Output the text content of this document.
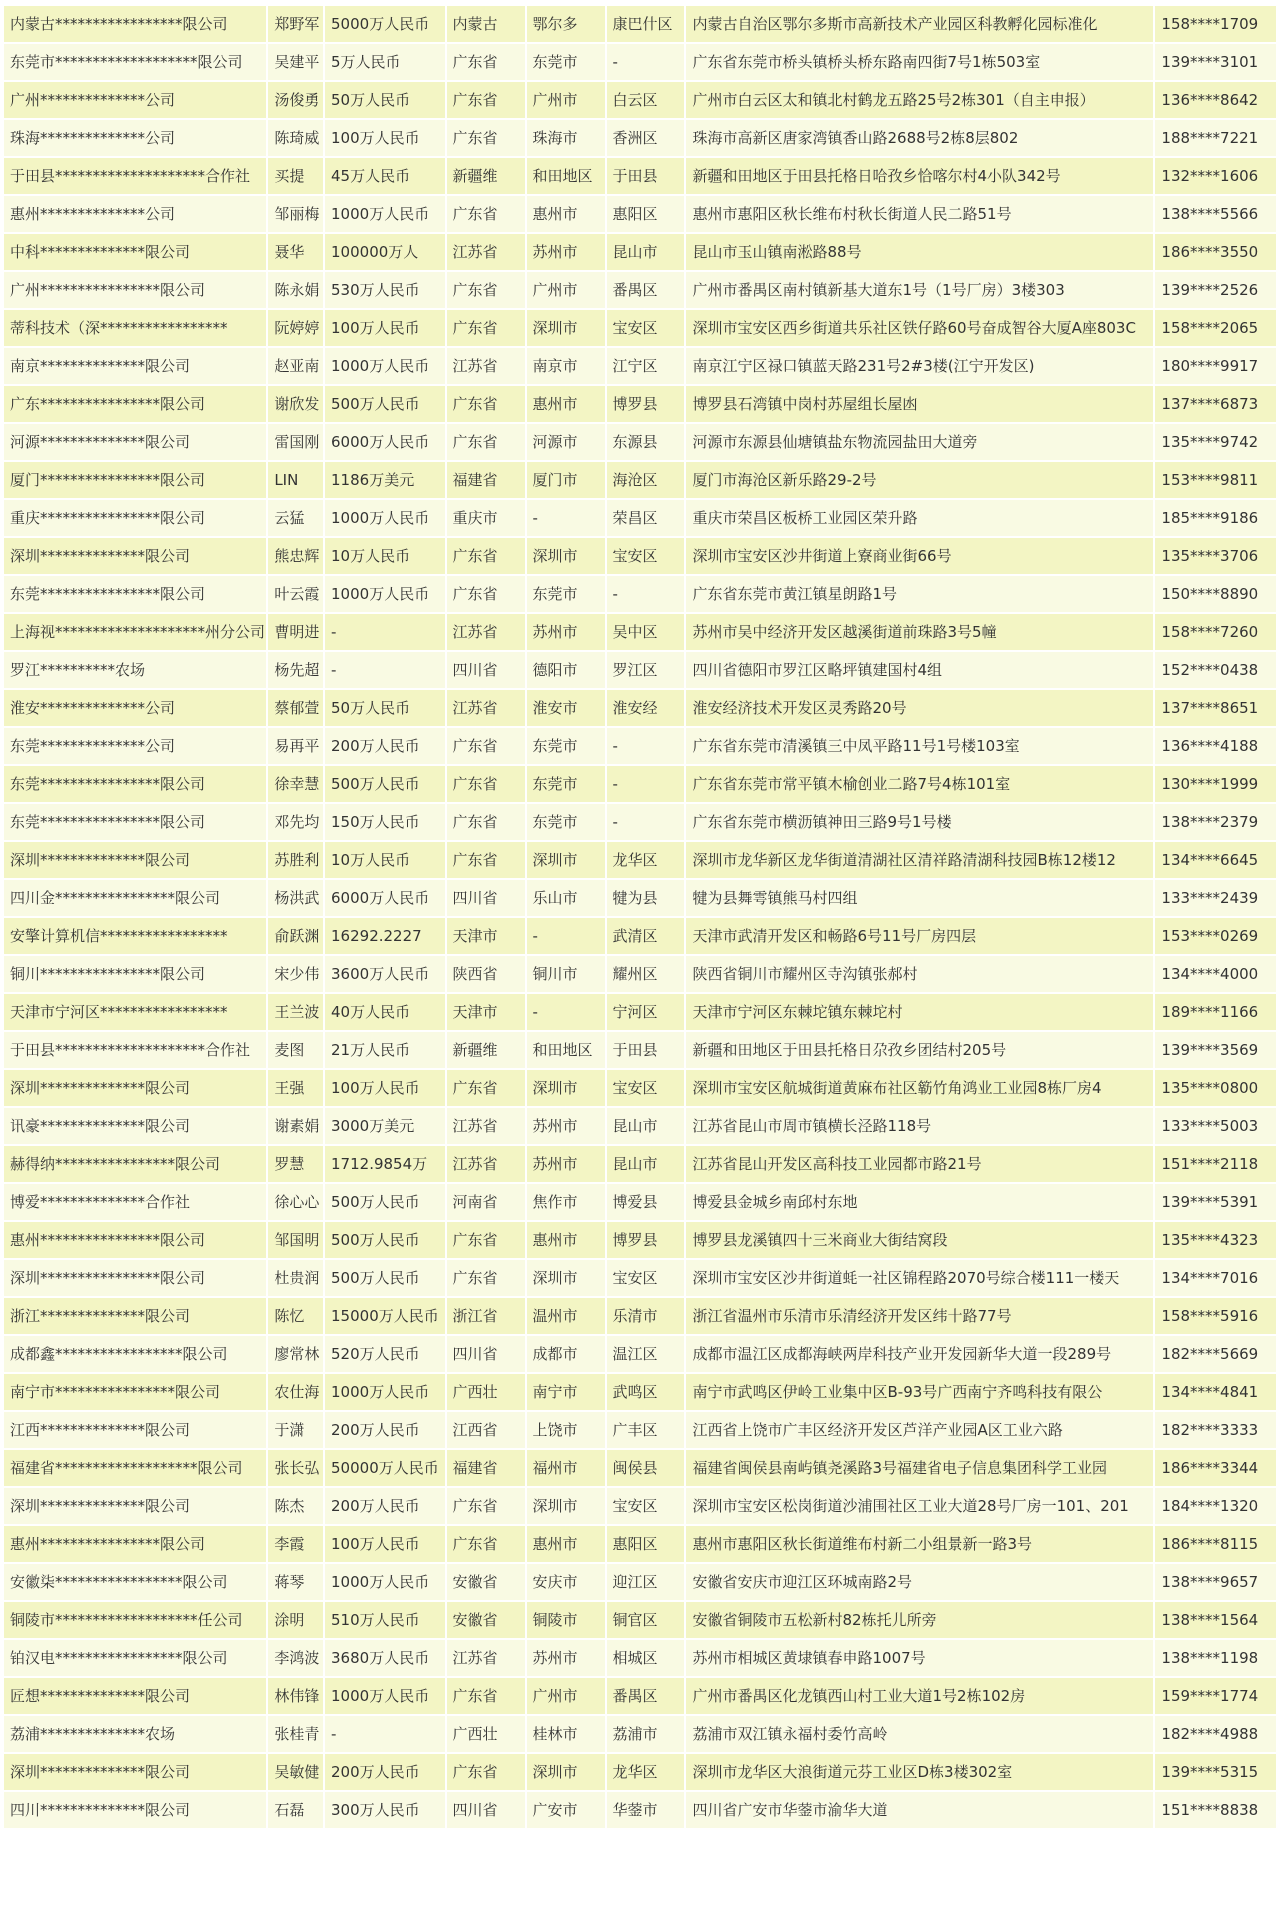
内蒙古*****************限公司	郑野军	5000万人民币	内蒙古	鄂尔多	康巴什区	内蒙古自治区鄂尔多斯市高新技术产业园区科教孵化园标准化	158****1709
东莞市*******************限公司	吴建平	5万人民币	广东省	东莞市	-	广东省东莞市桥头镇桥头桥东路南四街7号1栋503室	139****3101
广州**************公司	汤俊勇	50万人民币	广东省	广州市	白云区	广州市白云区太和镇北村鹤龙五路25号2栋301（自主申报）	136****8642
珠海**************公司	陈琦威	100万人民币	广东省	珠海市	香洲区	珠海市高新区唐家湾镇香山路2688号2栋8层802	188****7221
于田县********************合作社	买提	45万人民币	新疆维	和田地区	于田县	新疆和田地区于田县托格日哈孜乡恰喀尔村4小队342号	132****1606
惠州**************公司	邹丽梅	1000万人民币	广东省	惠州市	惠阳区	惠州市惠阳区秋长维布村秋长街道人民二路51号	138****5566
中科**************限公司	聂华	100000万人	江苏省	苏州市	昆山市	昆山市玉山镇南淞路88号	186****3550
广州****************限公司	陈永娟	530万人民币	广东省	广州市	番禺区	广州市番禺区南村镇新基大道东1号（1号厂房）3楼303	139****2526
蒂科技术（深*****************	阮婷婷	100万人民币	广东省	深圳市	宝安区	深圳市宝安区西乡街道共乐社区铁仔路60号奋成智谷大厦A座803C	158****2065
南京**************限公司	赵亚南	1000万人民币	江苏省	南京市	江宁区	南京江宁区禄口镇蓝天路231号2#3楼(江宁开发区)	180****9917
广东****************限公司	谢欣发	500万人民币	广东省	惠州市	博罗县	博罗县石湾镇中岗村苏屋组长屋凼	137****6873
河源**************限公司	雷国刚	6000万人民币	广东省	河源市	东源县	河源市东源县仙塘镇盐东物流园盐田大道旁	135****9742
厦门****************限公司	LIN	1186万美元	福建省	厦门市	海沧区	厦门市海沧区新乐路29-2号	153****9811
重庆****************限公司	云猛	1000万人民币	重庆市	-	荣昌区	重庆市荣昌区板桥工业园区荣升路	185****9186
深圳**************限公司	熊忠辉	10万人民币	广东省	深圳市	宝安区	深圳市宝安区沙井街道上寮商业街66号	135****3706
东莞****************限公司	叶云霞	1000万人民币	广东省	东莞市	-	广东省东莞市黄江镇星朗路1号	150****8890
上海视********************州分公司	曹明进	-	江苏省	苏州市	吴中区	苏州市吴中经济开发区越溪街道前珠路3号5幢	158****7260
罗江**********农场	杨先超	-	四川省	德阳市	罗江区	四川省德阳市罗江区略坪镇建国村4组	152****0438
淮安**************公司	蔡郁萱	50万人民币	江苏省	淮安市	淮安经	淮安经济技术开发区灵秀路20号	137****8651
东莞**************公司	易再平	200万人民币	广东省	东莞市	-	广东省东莞市清溪镇三中凤平路11号1号楼103室	136****4188
东莞****************限公司	徐幸慧	500万人民币	广东省	东莞市	-	广东省东莞市常平镇木榆创业二路7号4栋101室	130****1999
东莞****************限公司	邓先均	150万人民币	广东省	东莞市	-	广东省东莞市横沥镇神田三路9号1号楼	138****2379
深圳**************限公司	苏胜利	10万人民币	广东省	深圳市	龙华区	深圳市龙华新区龙华街道清湖社区清祥路清湖科技园B栋12楼12	134****6645
四川金****************限公司	杨洪武	6000万人民币	四川省	乐山市	犍为县	犍为县舞雩镇熊马村四组	133****2439
安擎计算机信*****************	俞跃渊	16292.2227	天津市	-	武清区	天津市武清开发区和畅路6号11号厂房四层	153****0269
铜川****************限公司	宋少伟	3600万人民币	陕西省	铜川市	耀州区	陕西省铜川市耀州区寺沟镇张郝村	134****4000
天津市宁河区*****************	王兰波	40万人民币	天津市	-	宁河区	天津市宁河区东棘坨镇东棘坨村	189****1166
于田县********************合作社	麦图	21万人民币	新疆维	和田地区	于田县	新疆和田地区于田县托格日尕孜乡团结村205号	139****3569
深圳**************限公司	王强	100万人民币	广东省	深圳市	宝安区	深圳市宝安区航城街道黄麻布社区簕竹角鸿业工业园8栋厂房4	135****0800
讯豪**************限公司	谢素娟	3000万美元	江苏省	苏州市	昆山市	江苏省昆山市周市镇横长泾路118号	133****5003
赫得纳****************限公司	罗慧	1712.9854万	江苏省	苏州市	昆山市	江苏省昆山开发区高科技工业园都市路21号	151****2118
博爱**************合作社	徐心心	500万人民币	河南省	焦作市	博爱县	博爱县金城乡南邱村东地	139****5391
惠州****************限公司	邹国明	500万人民币	广东省	惠州市	博罗县	博罗县龙溪镇四十三米商业大街结窝段	135****4323
深圳****************限公司	杜贵润	500万人民币	广东省	深圳市	宝安区	深圳市宝安区沙井街道蚝一社区锦程路2070号综合楼111一楼天	134****7016
浙江**************限公司	陈忆	15000万人民币	浙江省	温州市	乐清市	浙江省温州市乐清市乐清经济开发区纬十路77号	158****5916
成都鑫*****************限公司	廖常林	520万人民币	四川省	成都市	温江区	成都市温江区成都海峡两岸科技产业开发园新华大道一段289号	182****5669
南宁市****************限公司	农仕海	1000万人民币	广西壮	南宁市	武鸣区	南宁市武鸣区伊岭工业集中区B-93号广西南宁齐鸣科技有限公	134****4841
江西**************限公司	于潇	200万人民币	江西省	上饶市	广丰区	江西省上饶市广丰区经济开发区芦洋产业园A区工业六路	182****3333
福建省*******************限公司	张长弘	50000万人民币	福建省	福州市	闽侯县	福建省闽侯县南屿镇尧溪路3号福建省电子信息集团科学工业园	186****3344
深圳**************限公司	陈杰	200万人民币	广东省	深圳市	宝安区	深圳市宝安区松岗街道沙浦围社区工业大道28号厂房一101、201	184****1320
惠州****************限公司	李霞	100万人民币	广东省	惠州市	惠阳区	惠州市惠阳区秋长街道维布村新二小组景新一路3号	186****8115
安徽柒*****************限公司	蒋琴	1000万人民币	安徽省	安庆市	迎江区	安徽省安庆市迎江区环城南路2号	138****9657
铜陵市*******************任公司	涂明	510万人民币	安徽省	铜陵市	铜官区	安徽省铜陵市五松新村82栋托儿所旁	138****1564
铂汉电*****************限公司	李鸿波	3680万人民币	江苏省	苏州市	相城区	苏州市相城区黄埭镇春申路1007号	138****1198
匠想**************限公司	林伟锋	1000万人民币	广东省	广州市	番禺区	广州市番禺区化龙镇西山村工业大道1号2栋102房	159****1774
荔浦**************农场	张桂青	-	广西壮	桂林市	荔浦市	荔浦市双江镇永福村委竹高岭	182****4988
深圳**************限公司	吴敏健	200万人民币	广东省	深圳市	龙华区	深圳市龙华区大浪街道元芬工业区D栋3楼302室	139****5315
四川**************限公司	石磊	300万人民币	四川省	广安市	华蓥市	四川省广安市华蓥市渝华大道	151****8838
